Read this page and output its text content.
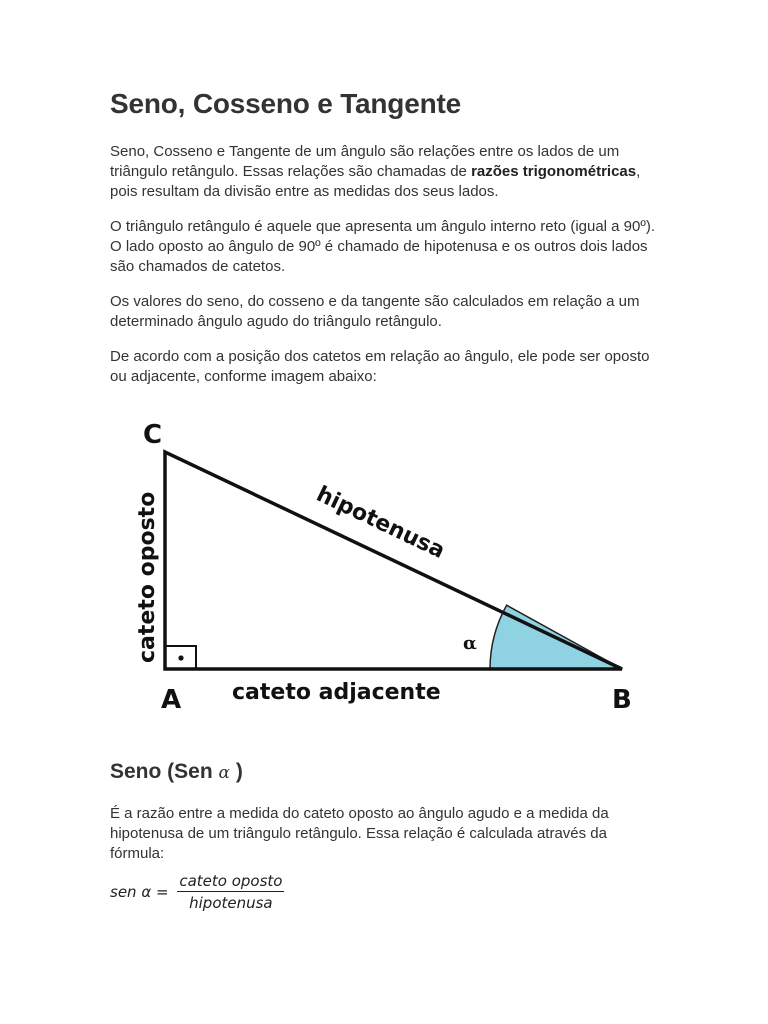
Seno, Cosseno e Tangente

Seno, Cosseno e Tangente de um ângulo são relações entre os lados de um triângulo retângulo. Essas relações são chamadas de razões trigonométricas, pois resultam da divisão entre as medidas dos seus lados.

O triângulo retângulo é aquele que apresenta um ângulo interno reto (igual a 90º). O lado oposto ao ângulo de 90º é chamado de hipotenusa e os outros dois lados são chamados de catetos.

Os valores do seno, do cosseno e da tangente são calculados em relação a um determinado ângulo agudo do triângulo retângulo.

De acordo com a posição dos catetos em relação ao ângulo, ele pode ser oposto ou adjacente, conforme imagem abaixo:

Seno (Sen α )

É a razão entre a medida do cateto oposto ao ângulo agudo e a medida da hipotenusa de um triângulo retângulo. Essa relação é calculada através da fórmula:

sen $\alpha = \frac{\text{cateto oposto}}{\text{hipotenusa}}$
C
A	B
hipotenusa
cateto oposto
cateto adjacente
α
